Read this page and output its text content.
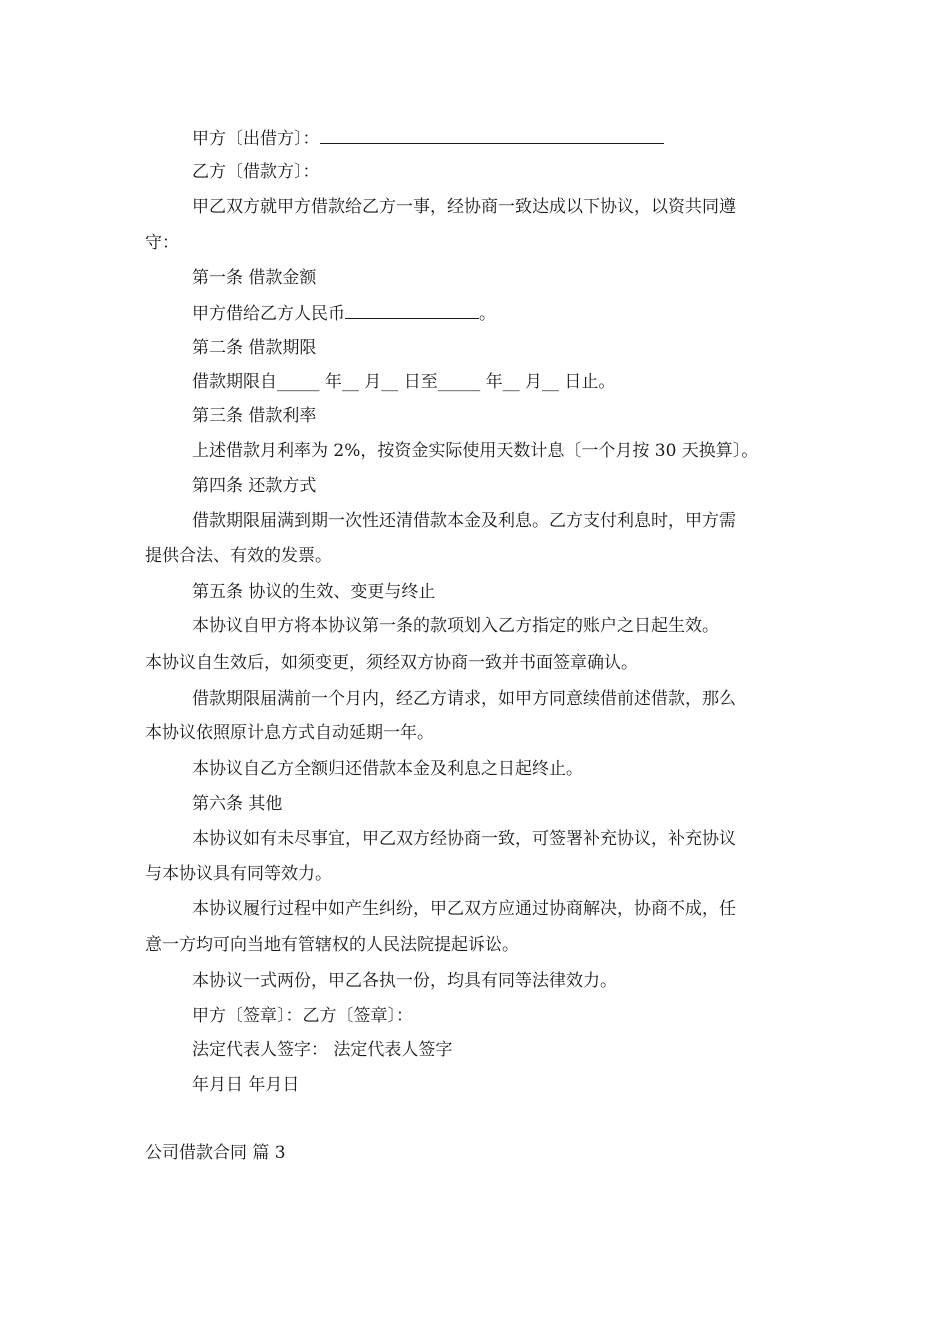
甲方〔出借方〕：
乙方〔借款方〕：
甲乙双方就甲方借款给乙方一事，经协商一致达成以下协议，以资共同遵
守：
第一条 借款金额
甲方借给乙方人民币	。
第二条 借款期限
借款期限自_____ 年__ 月__ 日至_____ 年__ 月__ 日止。
第三条 借款利率
上述借款月利率为 2%，按资金实际使用天数计息〔一个月按 30 天换算〕。
第四条 还款方式
借款期限届满到期一次性还清借款本金及利息。乙方支付利息时，甲方需
提供合法、有效的发票。
第五条 协议的生效、变更与终止
本协议自甲方将本协议第一条的款项划入乙方指定的账户之日起生效。
本协议自生效后，如须变更，须经双方协商一致并书面签章确认。
借款期限届满前一个月内，经乙方请求，如甲方同意续借前述借款，那么
本协议依照原计息方式自动延期一年。
本协议自乙方全额归还借款本金及利息之日起终止。
第六条 其他
本协议如有未尽事宜，甲乙双方经协商一致，可签署补充协议，补充协议
与本协议具有同等效力。
本协议履行过程中如产生纠纷，甲乙双方应通过协商解决，协商不成，任
意一方均可向当地有管辖权的人民法院提起诉讼。
本协议一式两份，甲乙各执一份，均具有同等法律效力。
甲方〔签章〕：乙方〔签章〕：
法定代表人签字： 法定代表人签字
年月日 年月日
公司借款合同 篇 3
